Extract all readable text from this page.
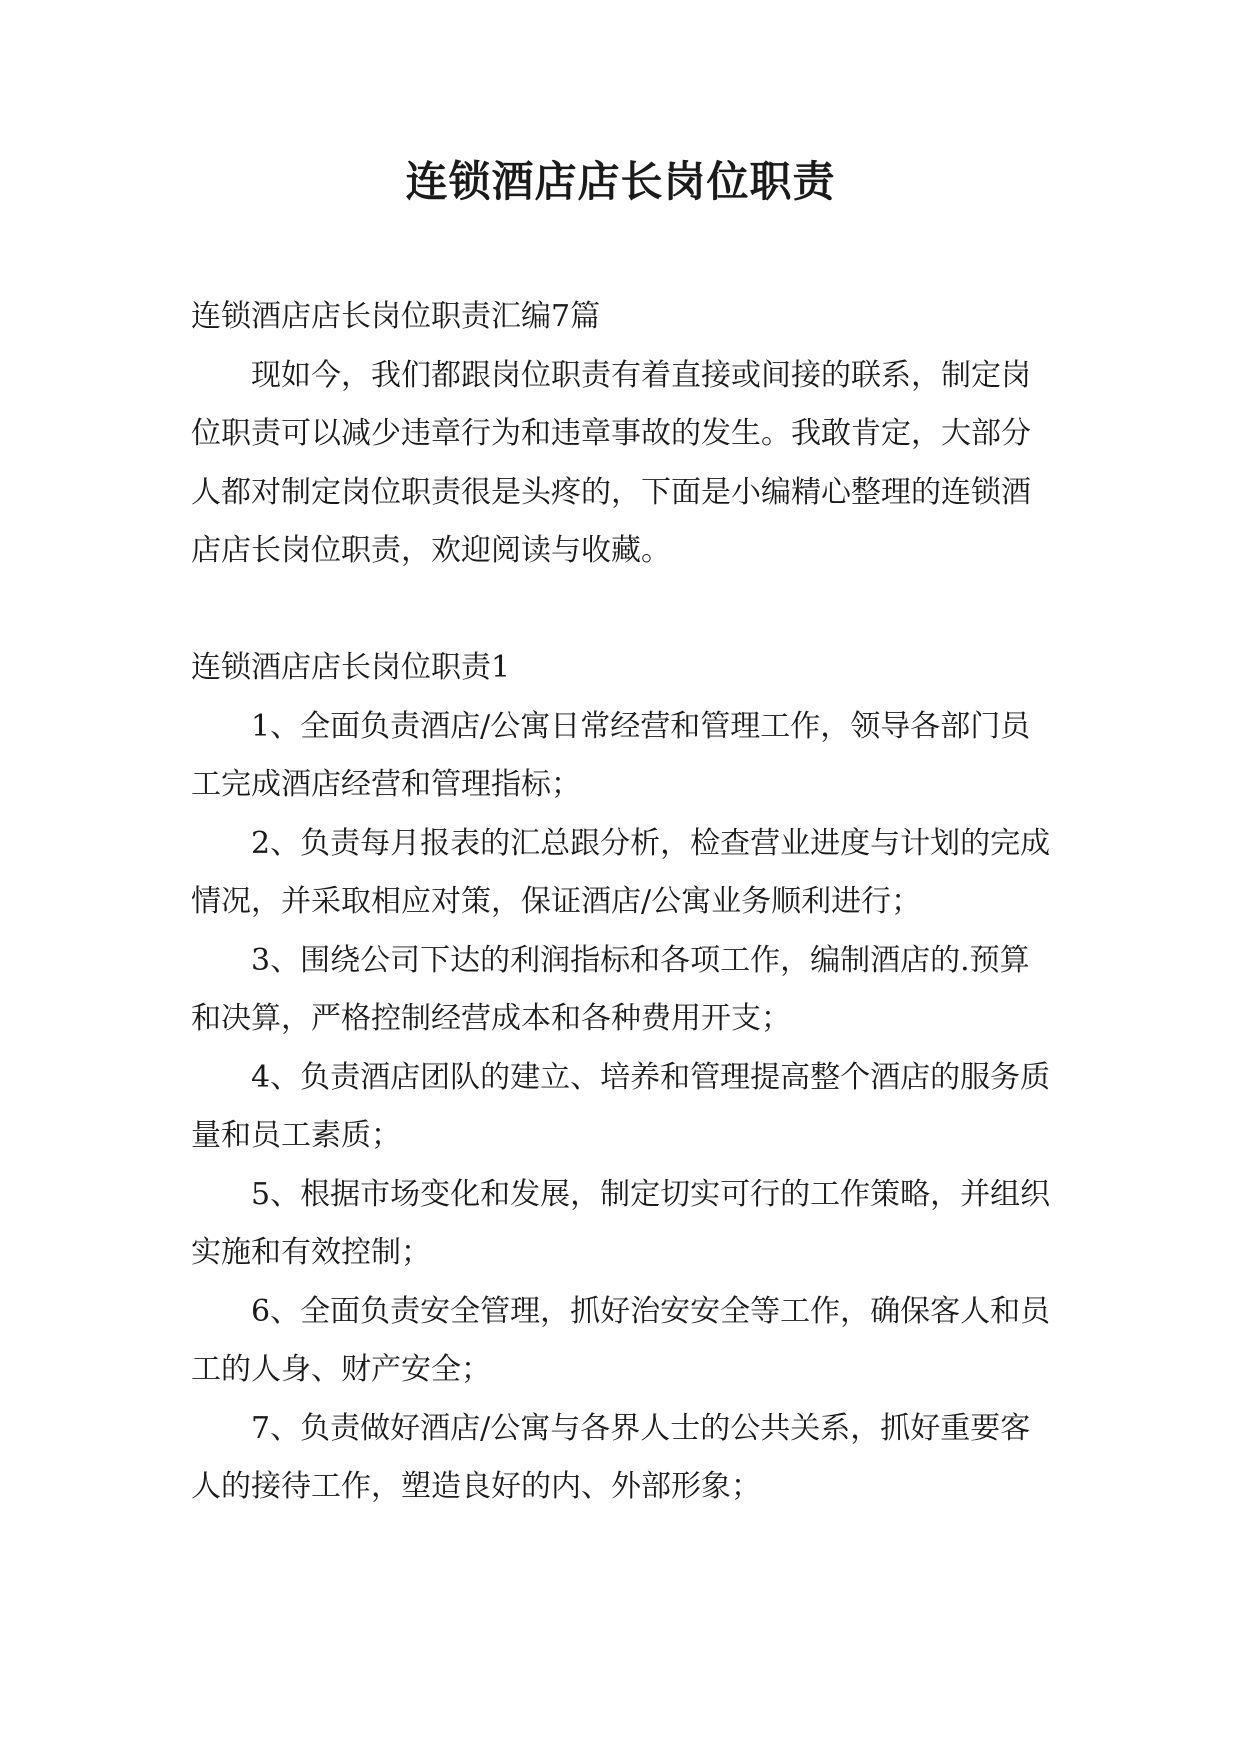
连锁酒店店长岗位职责

连锁酒店店长岗位职责汇编7篇

现如今，我们都跟岗位职责有着直接或间接的联系，制定岗位职责可以减少违章行为和违章事故的发生。我敢肯定，大部分人都对制定岗位职责很是头疼的，下面是小编精心整理的连锁酒店店长岗位职责，欢迎阅读与收藏。

连锁酒店店长岗位职责1

1、全面负责酒店/公寓日常经营和管理工作，领导各部门员工完成酒店经营和管理指标；

2、负责每月报表的汇总跟分析，检查营业进度与计划的完成情况，并采取相应对策，保证酒店/公寓业务顺利进行；

3、围绕公司下达的利润指标和各项工作，编制酒店的.预算和决算，严格控制经营成本和各种费用开支；

4、负责酒店团队的建立、培养和管理提高整个酒店的服务质量和员工素质；

5、根据市场变化和发展，制定切实可行的工作策略，并组织实施和有效控制；

6、全面负责安全管理，抓好治安安全等工作，确保客人和员工的人身、财产安全；

7、负责做好酒店/公寓与各界人士的公共关系，抓好重要客人的接待工作，塑造良好的内、外部形象；
